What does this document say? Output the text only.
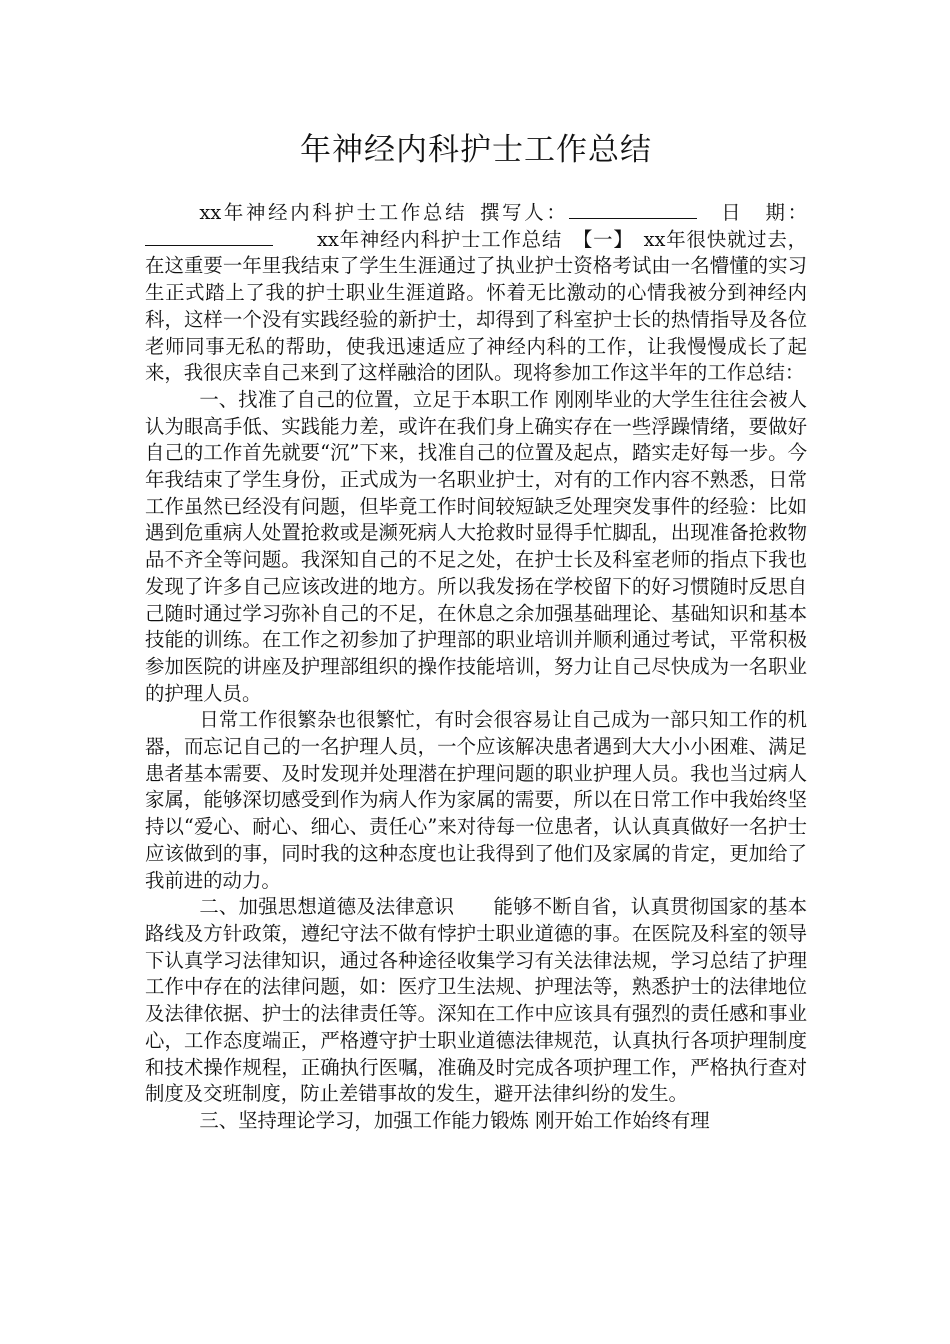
年神经内科护士工作总结

xx年神经内科护士工作总结 撰写人：	日　期：xx年神经内科护士工作总结 【一】 xx年很快就过去，在这重要一年里我结束了学生生涯通过了执业护士资格考试由一名懵懂的实习生正式踏上了我的护士职业生涯道路。怀着无比激动的心情我被分到神经内科，这样一个没有实践经验的新护士，却得到了科室护士长的热情指导及各位老师同事无私的帮助，使我迅速适应了神经内科的工作，让我慢慢成长了起来，我很庆幸自己来到了这样融洽的团队。现将参加工作这半年的工作总结：

一、找准了自己的位置，立足于本职工作 刚刚毕业的大学生往往会被人认为眼高手低、实践能力差，或许在我们身上确实存在一些浮躁情绪，要做好自己的工作首先就要“沉”下来，找准自己的位置及起点，踏实走好每一步。今年我结束了学生身份，正式成为一名职业护士，对有的工作内容不熟悉，日常工作虽然已经没有问题，但毕竟工作时间较短缺乏处理突发事件的经验：比如遇到危重病人处置抢救或是濒死病人大抢救时显得手忙脚乱，出现准备抢救物品不齐全等问题。我深知自己的不足之处，在护士长及科室老师的指点下我也发现了许多自己应该改进的地方。所以我发扬在学校留下的好习惯随时反思自己随时通过学习弥补自己的不足，在休息之余加强基础理论、基础知识和基本技能的训练。在工作之初参加了护理部的职业培训并顺利通过考试，平常积极参加医院的讲座及护理部组织的操作技能培训，努力让自己尽快成为一名职业的护理人员。

日常工作很繁杂也很繁忙，有时会很容易让自己成为一部只知工作的机器，而忘记自己的一名护理人员，一个应该解决患者遇到大大小小困难、满足患者基本需要、及时发现并处理潜在护理问题的职业护理人员。我也当过病人家属，能够深切感受到作为病人作为家属的需要，所以在日常工作中我始终坚持以“爱心、耐心、细心、责任心”来对待每一位患者，认认真真做好一名护士应该做到的事，同时我的这种态度也让我得到了他们及家属的肯定，更加给了我前进的动力。

二、加强思想道德及法律意识　　能够不断自省，认真贯彻国家的基本路线及方针政策，遵纪守法不做有悖护士职业道德的事。在医院及科室的领导下认真学习法律知识，通过各种途径收集学习有关法律法规，学习总结了护理工作中存在的法律问题，如：医疗卫生法规、护理法等，熟悉护士的法律地位及法律依据、护士的法律责任等。深知在工作中应该具有强烈的责任感和事业心，工作态度端正，严格遵守护士职业道德法律规范，认真执行各项护理制度和技术操作规程，正确执行医嘱，准确及时完成各项护理工作，严格执行查对制度及交班制度，防止差错事故的发生，避开法律纠纷的发生。

三、坚持理论学习，加强工作能力锻炼 刚开始工作始终有理
